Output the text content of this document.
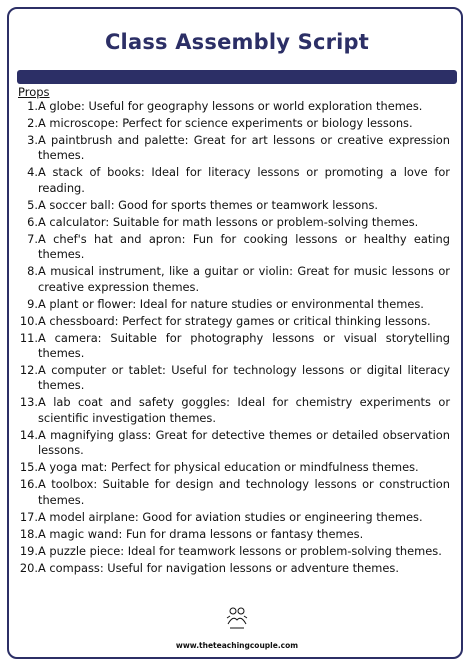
Class Assembly Script
Props
1. A globe: Useful for geography lessons or world exploration themes.
2. A microscope: Perfect for science experiments or biology lessons.
3. A paintbrush and palette: Great for art lessons or creative expression themes.
4. A stack of books: Ideal for literacy lessons or promoting a love for reading.
5. A soccer ball: Good for sports themes or teamwork lessons.
6. A calculator: Suitable for math lessons or problem-solving themes.
7. A chef's hat and apron: Fun for cooking lessons or healthy eating themes.
8. A musical instrument, like a guitar or violin: Great for music lessons or creative expression themes.
9. A plant or flower: Ideal for nature studies or environmental themes.
10. A chessboard: Perfect for strategy games or critical thinking lessons.
11. A camera: Suitable for photography lessons or visual storytelling themes.
12. A computer or tablet: Useful for technology lessons or digital literacy themes.
13. A lab coat and safety goggles: Ideal for chemistry experiments or scientific investigation themes.
14. A magnifying glass: Great for detective themes or detailed observation lessons.
15. A yoga mat: Perfect for physical education or mindfulness themes.
16. A toolbox: Suitable for design and technology lessons or construction themes.
17. A model airplane: Good for aviation studies or engineering themes.
18. A magic wand: Fun for drama lessons or fantasy themes.
19. A puzzle piece: Ideal for teamwork lessons or problem-solving themes.
20. A compass: Useful for navigation lessons or adventure themes.
www.theteachingcouple.com
